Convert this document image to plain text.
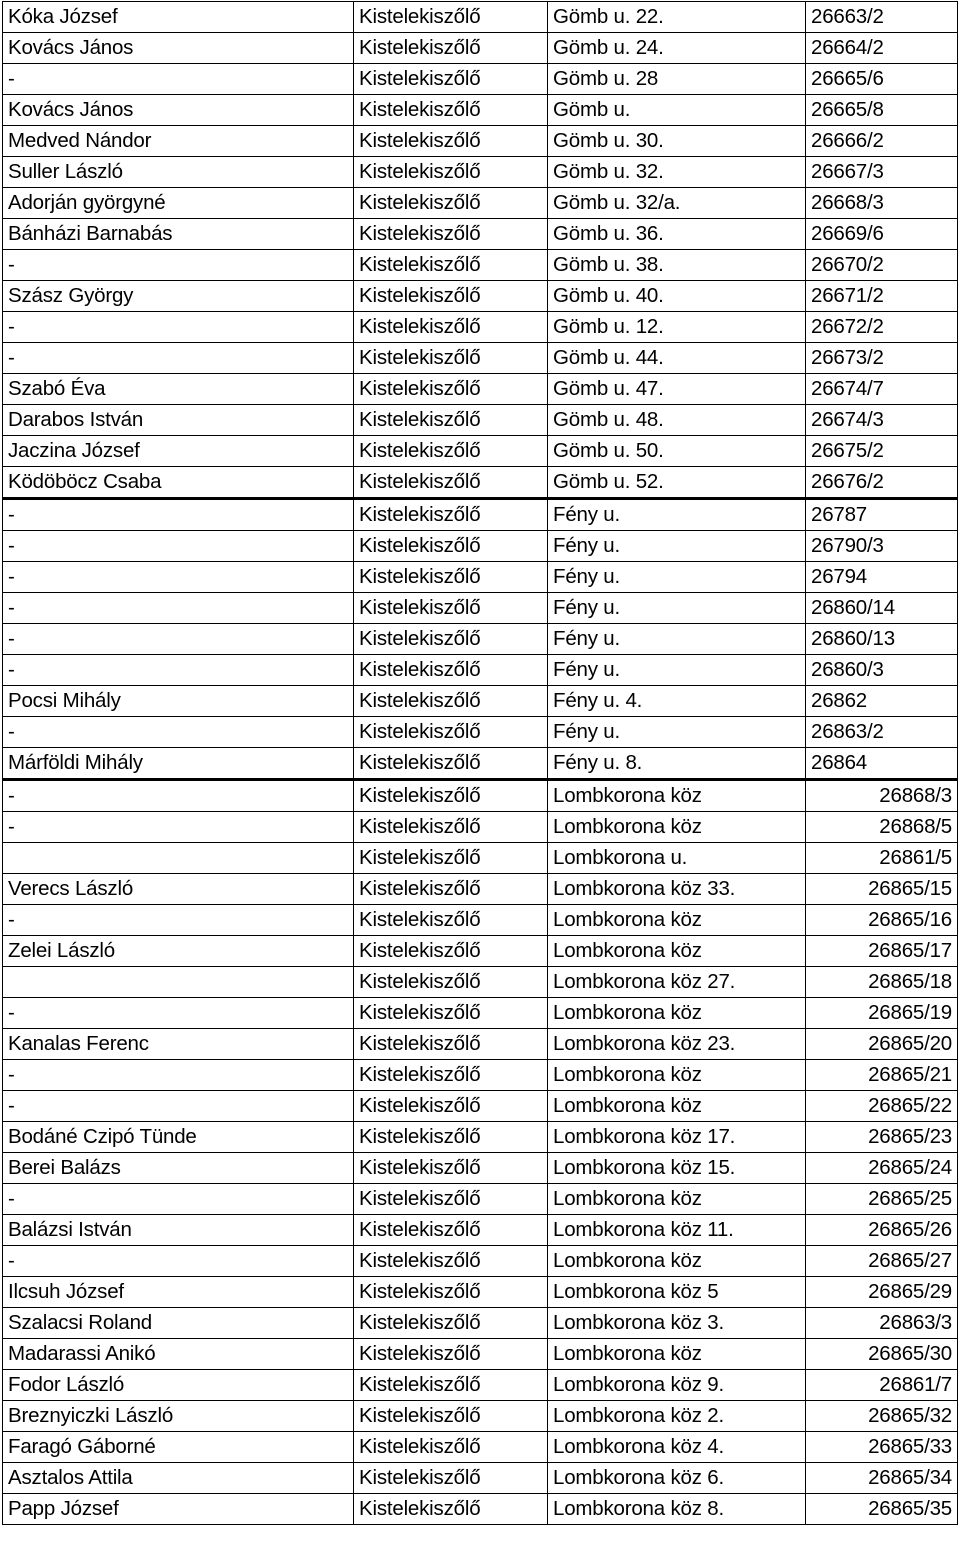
Kóka József	Kistelekiszőlő	Gömb u. 22.	26663/2
Kovács János	Kistelekiszőlő	Gömb u. 24.	26664/2
-	Kistelekiszőlő	Gömb u. 28	26665/6
Kovács János	Kistelekiszőlő	Gömb u.	26665/8
Medved Nándor	Kistelekiszőlő	Gömb u. 30.	26666/2
Suller László	Kistelekiszőlő	Gömb u. 32.	26667/3
Adorján györgyné	Kistelekiszőlő	Gömb u. 32/a.	26668/3
Bánházi Barnabás	Kistelekiszőlő	Gömb u. 36.	26669/6
-	Kistelekiszőlő	Gömb u. 38.	26670/2
Szász György	Kistelekiszőlő	Gömb u. 40.	26671/2
-	Kistelekiszőlő	Gömb u. 12.	26672/2
-	Kistelekiszőlő	Gömb u. 44.	26673/2
Szabó Éva	Kistelekiszőlő	Gömb u. 47.	26674/7
Darabos István	Kistelekiszőlő	Gömb u. 48.	26674/3
Jaczina József	Kistelekiszőlő	Gömb u. 50.	26675/2
Ködöböcz Csaba	Kistelekiszőlő	Gömb u. 52.	26676/2
-	Kistelekiszőlő	Fény u.	26787
-	Kistelekiszőlő	Fény u.	26790/3
-	Kistelekiszőlő	Fény u.	26794
-	Kistelekiszőlő	Fény u.	26860/14
-	Kistelekiszőlő	Fény u.	26860/13
-	Kistelekiszőlő	Fény u.	26860/3
Pocsi Mihály	Kistelekiszőlő	Fény u. 4.	26862
-	Kistelekiszőlő	Fény u.	26863/2
Márföldi Mihály	Kistelekiszőlő	Fény u. 8.	26864
-	Kistelekiszőlő	Lombkorona köz	26868/3
-	Kistelekiszőlő	Lombkorona köz	26868/5
	Kistelekiszőlő	Lombkorona u.	26861/5
Verecs László	Kistelekiszőlő	Lombkorona köz 33.	26865/15
-	Kistelekiszőlő	Lombkorona köz	26865/16
Zelei László	Kistelekiszőlő	Lombkorona köz	26865/17
	Kistelekiszőlő	Lombkorona köz 27.	26865/18
-	Kistelekiszőlő	Lombkorona köz	26865/19
Kanalas Ferenc	Kistelekiszőlő	Lombkorona köz 23.	26865/20
-	Kistelekiszőlő	Lombkorona köz	26865/21
-	Kistelekiszőlő	Lombkorona köz	26865/22
Bodáné Czipó Tünde	Kistelekiszőlő	Lombkorona köz 17.	26865/23
Berei Balázs	Kistelekiszőlő	Lombkorona köz 15.	26865/24
-	Kistelekiszőlő	Lombkorona köz	26865/25
Balázsi István	Kistelekiszőlő	Lombkorona köz 11.	26865/26
-	Kistelekiszőlő	Lombkorona köz	26865/27
Ilcsuh József	Kistelekiszőlő	Lombkorona köz 5	26865/29
Szalacsi Roland	Kistelekiszőlő	Lombkorona köz 3.	26863/3
Madarassi Anikó	Kistelekiszőlő	Lombkorona köz	26865/30
Fodor László	Kistelekiszőlő	Lombkorona köz 9.	26861/7
Breznyiczki László	Kistelekiszőlő	Lombkorona köz 2.	26865/32
Faragó Gáborné	Kistelekiszőlő	Lombkorona köz 4.	26865/33
Asztalos Attila	Kistelekiszőlő	Lombkorona köz 6.	26865/34
Papp József	Kistelekiszőlő	Lombkorona köz 8.	26865/35
